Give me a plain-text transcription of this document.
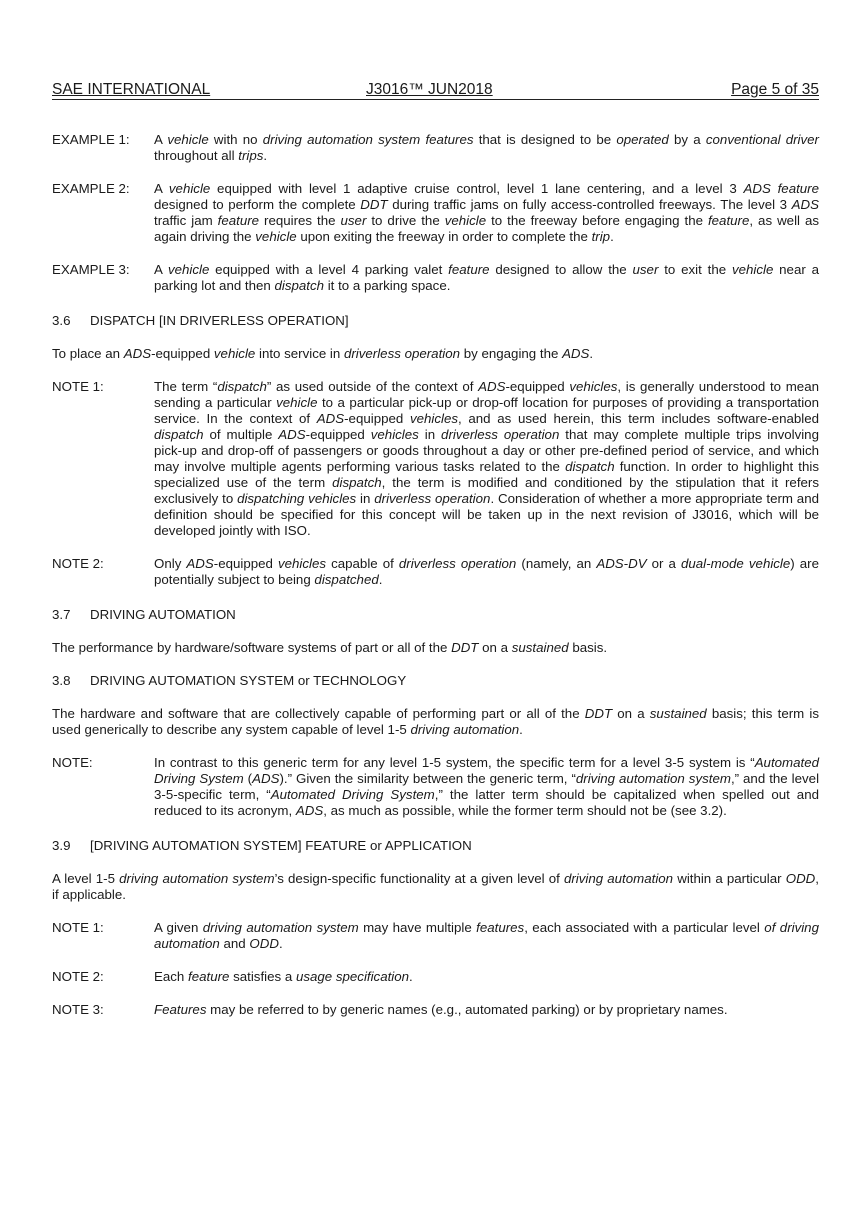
SAE INTERNATIONAL	J3016™ JUN2018	Page 5 of 35
EXAMPLE 1:	A vehicle with no driving automation system features that is designed to be operated by a conventional driver throughout all trips.
EXAMPLE 2:	A vehicle equipped with level 1 adaptive cruise control, level 1 lane centering, and a level 3 ADS feature designed to perform the complete DDT during traffic jams on fully access-controlled freeways. The level 3 ADS traffic jam feature requires the user to drive the vehicle to the freeway before engaging the feature, as well as again driving the vehicle upon exiting the freeway in order to complete the trip.
EXAMPLE 3:	A vehicle equipped with a level 4 parking valet feature designed to allow the user to exit the vehicle near a parking lot and then dispatch it to a parking space.
3.6	DISPATCH [IN DRIVERLESS OPERATION]
To place an ADS-equipped vehicle into service in driverless operation by engaging the ADS.
NOTE 1:	The term “dispatch” as used outside of the context of ADS-equipped vehicles, is generally understood to mean sending a particular vehicle to a particular pick-up or drop-off location for purposes of providing a transportation service. In the context of ADS-equipped vehicles, and as used herein, this term includes software-enabled dispatch of multiple ADS-equipped vehicles in driverless operation that may complete multiple trips involving pick-up and drop-off of passengers or goods throughout a day or other pre-defined period of service, and which may involve multiple agents performing various tasks related to the dispatch function. In order to highlight this specialized use of the term dispatch, the term is modified and conditioned by the stipulation that it refers exclusively to dispatching vehicles in driverless operation. Consideration of whether a more appropriate term and definition should be specified for this concept will be taken up in the next revision of J3016, which will be developed jointly with ISO.
NOTE 2:	Only ADS-equipped vehicles capable of driverless operation (namely, an ADS-DV or a dual-mode vehicle) are potentially subject to being dispatched.
3.7	DRIVING AUTOMATION
The performance by hardware/software systems of part or all of the DDT on a sustained basis.
3.8	DRIVING AUTOMATION SYSTEM or TECHNOLOGY
The hardware and software that are collectively capable of performing part or all of the DDT on a sustained basis; this term is used generically to describe any system capable of level 1-5 driving automation.
NOTE:	In contrast to this generic term for any level 1-5 system, the specific term for a level 3-5 system is “Automated Driving System (ADS).” Given the similarity between the generic term, “driving automation system,” and the level 3-5-specific term, “Automated Driving System,” the latter term should be capitalized when spelled out and reduced to its acronym, ADS, as much as possible, while the former term should not be (see 3.2).
3.9	[DRIVING AUTOMATION SYSTEM] FEATURE or APPLICATION
A level 1-5 driving automation system’s design-specific functionality at a given level of driving automation within a particular ODD, if applicable.
NOTE 1:	A given driving automation system may have multiple features, each associated with a particular level of driving automation and ODD.
NOTE 2:	Each feature satisfies a usage specification.
NOTE 3:	Features may be referred to by generic names (e.g., automated parking) or by proprietary names.
